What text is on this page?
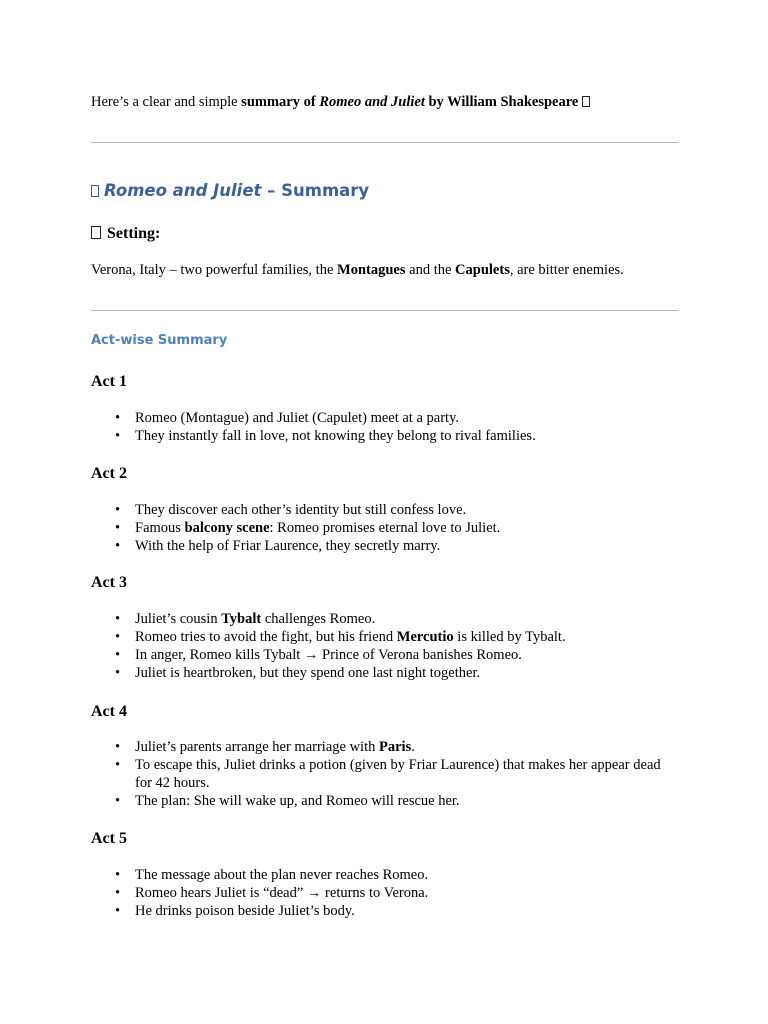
Here’s a clear and simple summary of Romeo and Juliet by William Shakespeare
Romeo and Juliet – Summary
Setting:
Verona, Italy – two powerful families, the Montagues and the Capulets, are bitter enemies.
Act-wise Summary
Act 1
• Romeo (Montague) and Juliet (Capulet) meet at a party.
• They instantly fall in love, not knowing they belong to rival families.
Act 2
• They discover each other’s identity but still confess love.
• Famous balcony scene: Romeo promises eternal love to Juliet.
• With the help of Friar Laurence, they secretly marry.
Act 3
• Juliet’s cousin Tybalt challenges Romeo.
• Romeo tries to avoid the fight, but his friend Mercutio is killed by Tybalt.
• In anger, Romeo kills Tybalt → Prince of Verona banishes Romeo.
• Juliet is heartbroken, but they spend one last night together.
Act 4
• Juliet’s parents arrange her marriage with Paris.
• To escape this, Juliet drinks a potion (given by Friar Laurence) that makes her appear dead for 42 hours.
• The plan: She will wake up, and Romeo will rescue her.
Act 5
• The message about the plan never reaches Romeo.
• Romeo hears Juliet is “dead” → returns to Verona.
• He drinks poison beside Juliet’s body.
